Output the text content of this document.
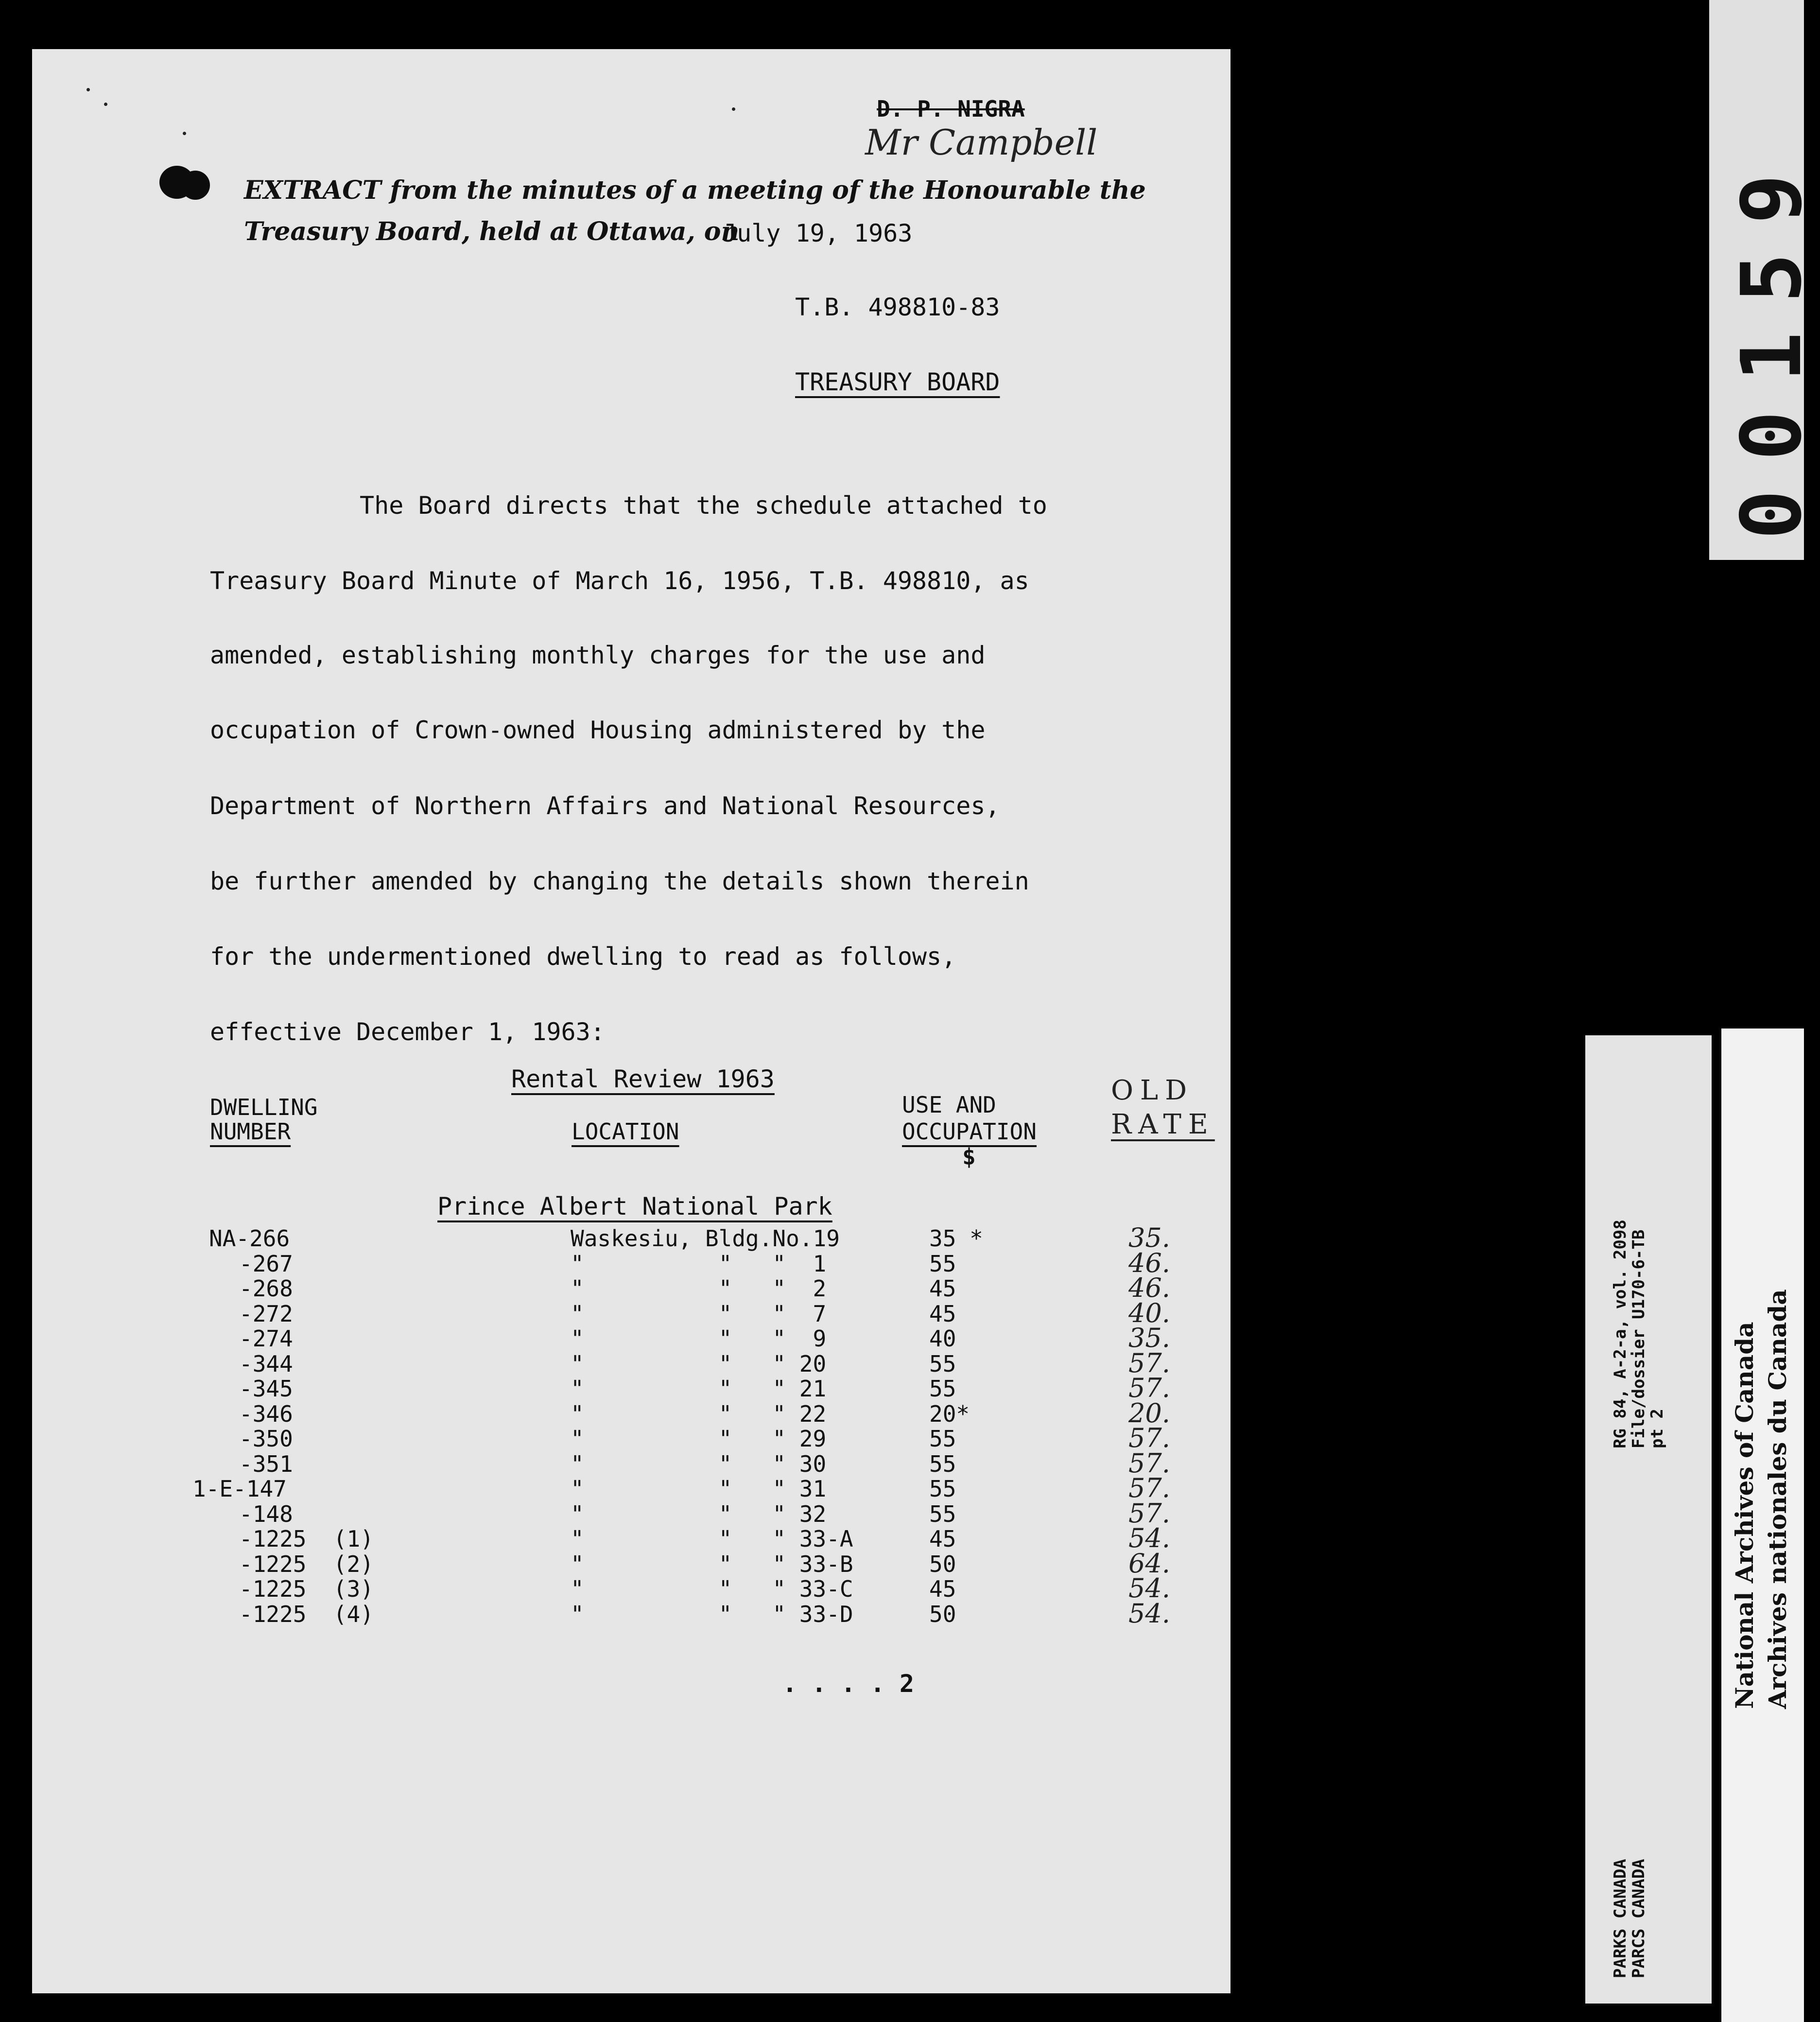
D. P. NIGRA
Mr Campbell
EXTRACT from the minutes of a meeting of the Honourable the
Treasury Board, held at Ottawa, on
July 19, 1963
T.B. 498810-83
TREASURY BOARD
The Board directs that the schedule attached to
Treasury Board Minute of March 16, 1956, T.B. 498810, as
amended, establishing monthly charges for the use and
occupation of Crown-owned Housing administered by the
Department of Northern Affairs and National Resources,
be further amended by changing the details shown therein
for the undermentioned dwelling to read as follows,
effective December 1, 1963:
Rental Review 1963
DWELLING
NUMBER	LOCATION
USE AND
OCCUPATION
$
OLD
RATE
Prince Albert National Park
NA-266	Waskesiu, Bldg.No.19	35 *	35.
-267	"          "   "  1	55	46.
-268	"          "   "  2	45	46.
-272	"          "   "  7	45	40.
-274	"          "   "  9	40	35.
-344	"          "   " 20	55	57.
-345	"          "   " 21	55	57.
-346	"          "   " 22	20*	20.
-350	"          "   " 29	55	57.
-351	"          "   " 30	55	57.
1-E-147	"          "   " 31	55	57.
-148	"          "   " 32	55	57.
-1225  (1)	"          "   " 33-A	45	54.
-1225  (2)	"          "   " 33-B	50	64.
-1225  (3)	"          "   " 33-C	45	54.
-1225  (4)	"          "   " 33-D	50	54.
. . . . 2
00159
RG 84, A-2-a, vol. 2098
File/dossier U170-6-TB
pt 2
PARKS CANADA
PARCS CANADA
National Archives of Canada Archives nationales du Canada
